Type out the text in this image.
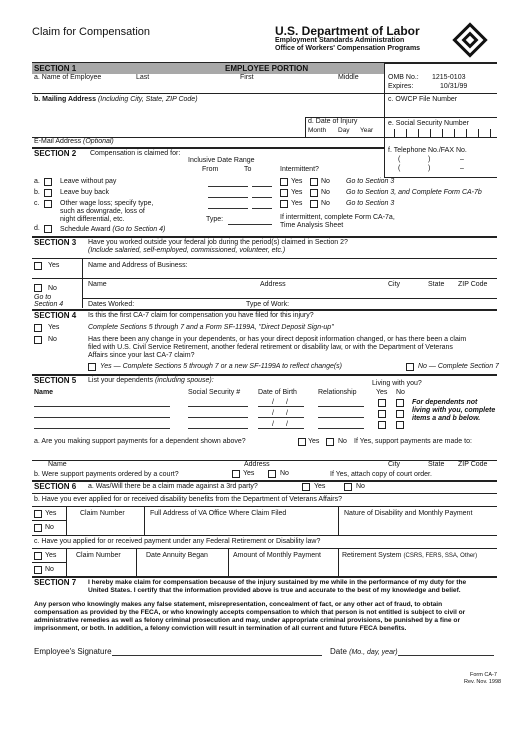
Claim for Compensation	U.S. Department of Labor
Employment Standards Administration
Office of Workers' Compensation Programs
SECTION 1	EMPLOYEE PORTION
a. Name of Employee	Last	First	Middle	OMB No.: 1215-0103
Expires:	10/31/99
b. Mailing Address (Including City, State, ZIP Code)	c. OWCP File Number
d. Date of Injury
Month Day Year
e. Social Security Number
E-Mail Address (Optional)
f. Telephone No./FAX No.
(	)	–
(	)	–
SECTION 2 Compensation is claimed for:
Inclusive Date Range
From	To	Intermittent?
a.	Leave without pay	Yes	No Go to Section 3
b.	Leave buy back	Yes	No Go to Section 3, and Complete Form CA-7b
c.	Other wage loss; specify type,
such as downgrade, loss of
night differential, etc.
Yes	No Go to Section 3
Type:	If intermittent, complete Form CA-7a,
Time Analysis Sheet
d.	Schedule Award (Go to Section 4)
SECTION 3 Have you worked outside your federal job during the period(s) claimed in Section 2?
(Include salaried, self-employed, commissioned, volunteer, etc.)
Yes	Name and Address of Business:
No
Name	Address	City	State ZIP Code
Go to
Section 4	Dates Worked:	Type of Work:
SECTION 4 Is this the first CA-7 claim for compensation you have filed for this injury?
Yes	Complete Sections 5 through 7 and a Form SF-1199A, "Direct Deposit Sign-up"
No	Has there been any change in your dependents, or has your direct deposit information changed, or has there been a claim
filed with U.S. Civil Service Retirement, another federal retirement or disability law, or with the Department of Veterans
Affairs since your last CA-7 claim?
Yes — Complete Sections 5 through 7 or a new SF-1199A to reflect change(s)	No — Complete Section 7
SECTION 5 List your dependents (including spouse):	Living with you?
Name	Social Security #	Date of Birth	Relationship	Yes No
For dependents not
living with you, complete
items a and b below.
/ /
/ /
/ /
a. Are you making support payments for a dependent shown above?	Yes	No If Yes, support payments are made to:
Name	Address	City	State ZIP Code
b. Were support payments ordered by a court?	Yes	No	If Yes, attach copy of court order.
SECTION 6 a. Was/Will there be a claim made against a 3rd party?	Yes	No
b. Have you ever applied for or received disability benefits from the Department of Veterans Affairs?
Yes	Claim Number	Full Address of VA Office Where Claim Filed	Nature of Disability and Monthly Payment
No
c. Have you applied for or received payment under any Federal Retirement or Disability law?
Yes	Claim Number	Date Annuity Began	Amount of Monthly Payment	Retirement System (CSRS, FERS, SSA, Other)
No
SECTION 7 I hereby make claim for compensation because of the injury sustained by me while in the performance of my duty for the
United States. I certify that the information provided above is true and accurate to the best of my knowledge and belief.
Any person who knowingly makes any false statement, misrepresentation, concealment of fact, or any other act of fraud, to obtain
compensation as provided by the FECA, or who knowingly accepts compensation to which that person is not entitled is subject to civil or
administrative remedies as well as felony criminal prosecution and may, under appropriate criminal provisions, be punished by a fine or
imprisonment, or both. In addition, a felony conviction will result in termination of all current and future FECA benefits.
Employee's Signature	Date (Mo., day, year)
Form CA-7
Rev. Nov. 1998
